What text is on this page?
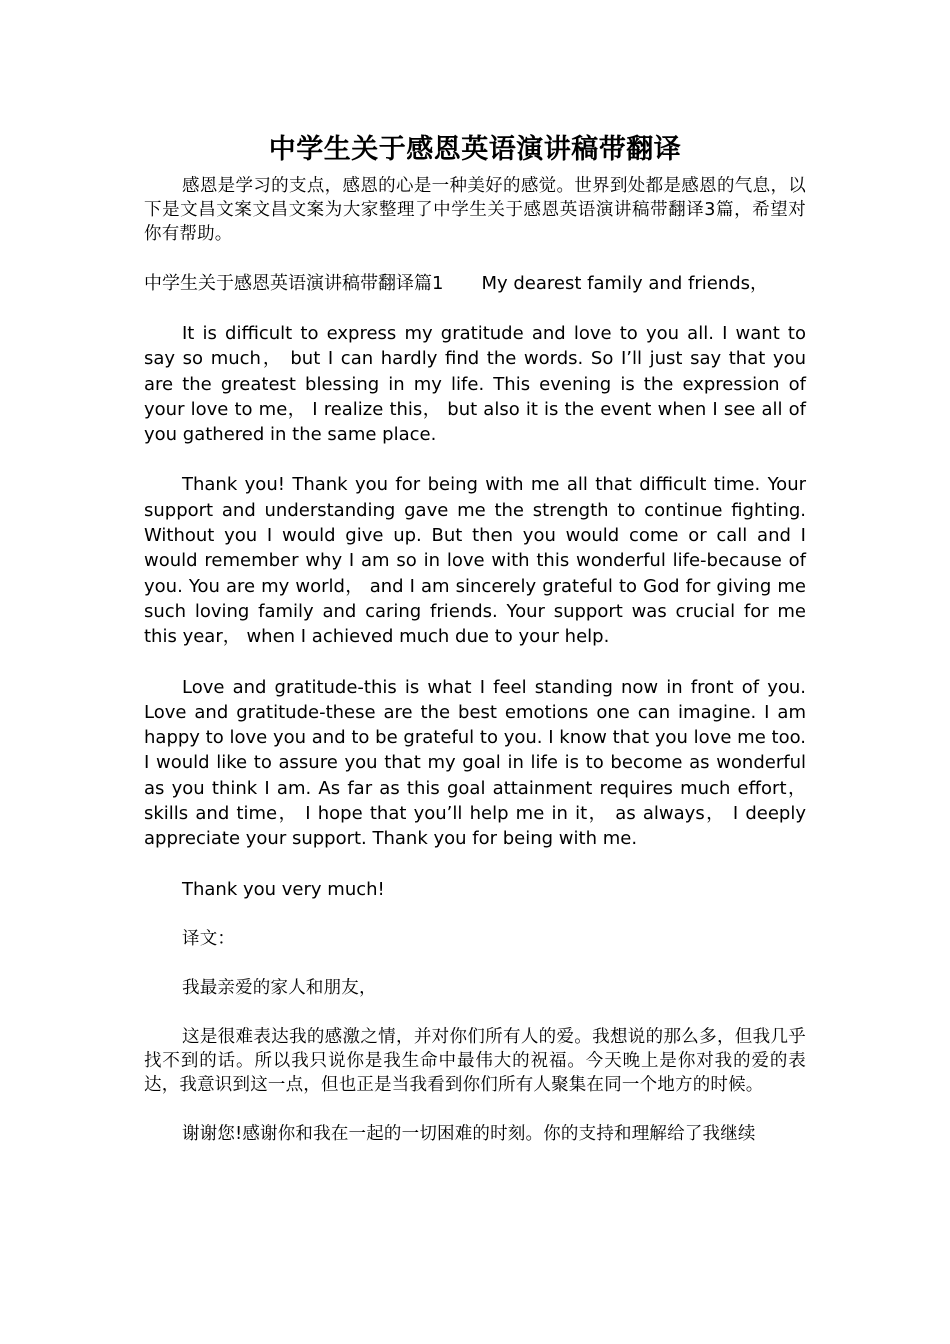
中学生关于感恩英语演讲稿带翻译

感恩是学习的支点，感恩的心是一种美好的感觉。世界到处都是感恩的气息，以下是文昌文案文昌文案为大家整理了中学生关于感恩英语演讲稿带翻译3篇，希望对你有帮助。

中学生关于感恩英语演讲稿带翻译篇1 My dearest family and friends，

It is difficult to express my gratitude and love to you all. I want to say so much， but I can hardly find the words. So I’ll just say that you are the greatest blessing in my life. This evening is the expression of your love to me， I realize this， but also it is the event when I see all of you gathered in the same place.

Thank you! Thank you for being with me all that difficult time. Your support and understanding gave me the strength to continue fighting. Without you I would give up. But then you would come or call and I would remember why I am so in love with this wonderful life-because of you. You are my world， and I am sincerely grateful to God for giving me such loving family and caring friends. Your support was crucial for me this year， when I achieved much due to your help.

Love and gratitude-this is what I feel standing now in front of you. Love and gratitude-these are the best emotions one can imagine. I am happy to love you and to be grateful to you. I know that you love me too. I would like to assure you that my goal in life is to become as wonderful as you think I am. As far as this goal attainment requires much effort， skills and time， I hope that you’ll help me in it， as always， I deeply appreciate your support. Thank you for being with me.

Thank you very much!

译文：

我最亲爱的家人和朋友，

这是很难表达我的感激之情，并对你们所有人的爱。我想说的那么多，但我几乎找不到的话。所以我只说你是我生命中最伟大的祝福。今天晚上是你对我的爱的表达，我意识到这一点，但也正是当我看到你们所有人聚集在同一个地方的时候。

谢谢您!感谢你和我在一起的一切困难的时刻。你的支持和理解给了我继续
